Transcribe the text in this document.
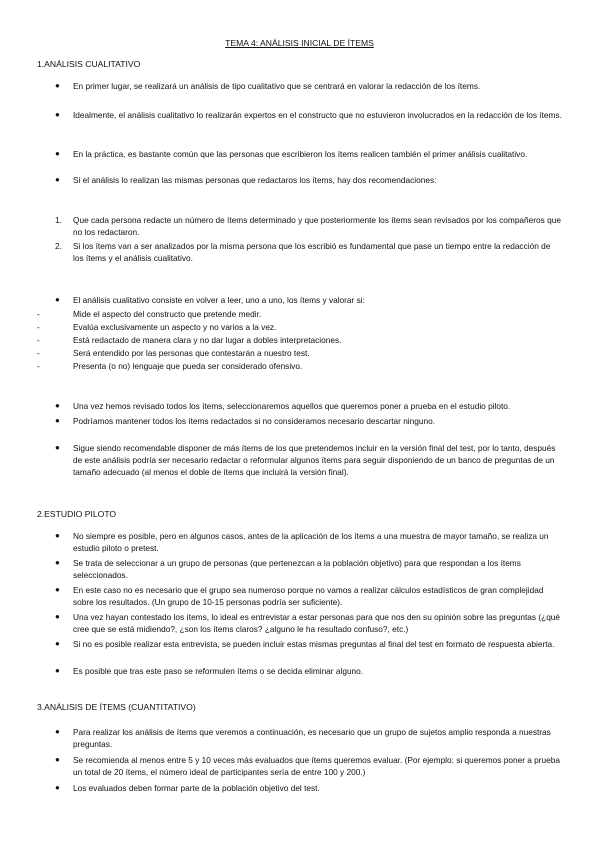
TEMA 4: ANÁLISIS INICIAL DE ÍTEMS
1.ANÁLISIS CUALITATIVO
● En primer lugar, se realizará un análisis de tipo cualitativo que se centrará en valorar la redacción de los ítems.
● Idealmente, el análisis cualitativo lo realizarán expertos en el constructo que no estuvieron involucrados en la redacción de los ítems.
● En la práctica, es bastante común que las personas que escribieron los ítems realicen también el primer análisis cualitativo.
● Si el análisis lo realizan las mismas personas que redactaros los ítems, hay dos recomendaciones:
1. Que cada persona redacte un número de ítems determinado y que posteriormente los ítems sean revisados por los compañeros que no los redactaron.
2. Si los ítems van a ser analizados por la misma persona que los escribió es fundamental que pase un tiempo entre la redacción de los ítems y el análisis cualitativo.
● El análisis cualitativo consiste en volver a leer, uno a uno, los ítems y valorar si:
-	Mide el aspecto del constructo que pretende medir.
-	Evalúa exclusivamente un aspecto y no varios a la vez.
-	Está redactado de manera clara y no dar lugar a dobles interpretaciones.
-	Será entendido por las personas que contestarán a nuestro test.
-	Presenta (o no) lenguaje que pueda ser considerado ofensivo.
● Una vez hemos revisado todos los ítems, seleccionaremos aquellos que queremos poner a prueba en el estudio piloto.
● Podríamos mantener todos los ítems redactados si no consideramos necesario descartar ninguno.
● Sigue siendo recomendable disponer de más ítems de los que pretendemos incluir en la versión final del test, por lo tanto, después de este análisis podría ser necesario redactar o reformular algunos ítems para seguir disponiendo de un banco de preguntas de un tamaño adecuado (al menos el doble de ítems que incluirá la versión final).
2.ESTUDIO PILOTO
● No siempre es posible, pero en algunos casos, antes de la aplicación de los ítems a una muestra de mayor tamaño, se realiza un estudio piloto o pretest.
● Se trata de seleccionar a un grupo de personas (que pertenezcan a la población objetivo) para que respondan a los ítems seleccionados.
● En este caso no es necesario que el grupo sea numeroso porque no vamos a realizar cálculos estadísticos de gran complejidad sobre los resultados. (Un grupo de 10-15 personas podría ser suficiente).
● Una vez hayan contestado los ítems, lo ideal es entrevistar a estar personas para que nos den su opinión sobre las preguntas (¿qué cree que se está midiendo?, ¿son los ítems claros? ¿alguno le ha resultado confuso?, etc.)
● Si no es posible realizar esta entrevista, se pueden incluir estas mismas preguntas al final del test en formato de respuesta abierta.
● Es posible que tras este paso se reformulen ítems o se decida eliminar alguno.
3.ANÁLISIS DE ÍTEMS (CUANTITATIVO)
● Para realizar los análisis de ítems que veremos a continuación, es necesario que un grupo de sujetos amplio responda a nuestras preguntas.
● Se recomienda al menos entre 5 y 10 veces más evaluados que ítems queremos evaluar. (Por ejemplo: si queremos poner a prueba un total de 20 ítems, el número ideal de participantes sería de entre 100 y 200.)
● Los evaluados deben formar parte de la población objetivo del test.
